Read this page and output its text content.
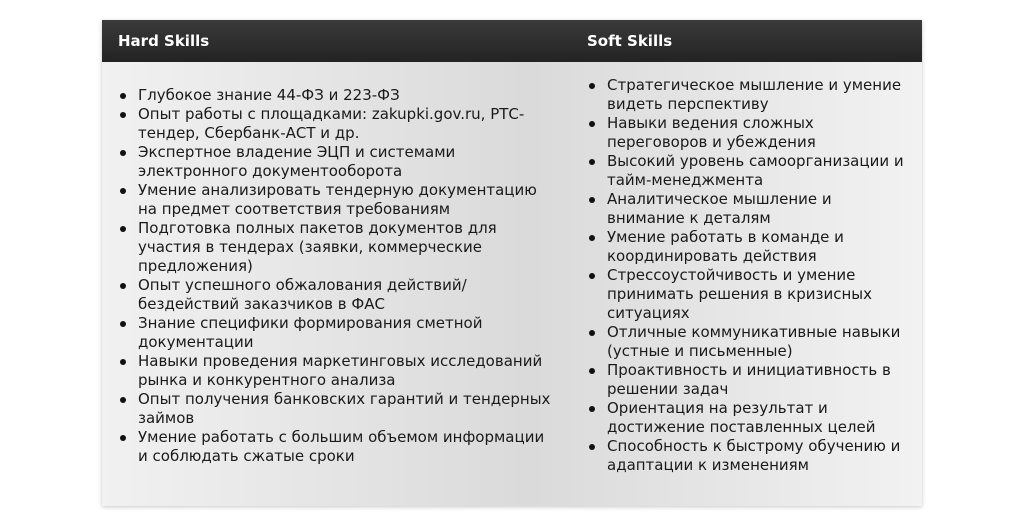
Hard Skills	Soft Skills
Глубокое знание 44-ФЗ и 223-ФЗ
Опыт работы с площадками: zakupki.gov.ru, РТС-тендер, Сбербанк-АСТ и др.
Экспертное владение ЭЦП и системами электронного документооборота
Умение анализировать тендерную документацию на предмет соответствия требованиям
Подготовка полных пакетов документов для участия в тендерах (заявки, коммерческие предложения)
Опыт успешного обжалования действий/бездействий заказчиков в ФАС
Знание специфики формирования сметной документации
Навыки проведения маркетинговых исследований рынка и конкурентного анализа
Опыт получения банковских гарантий и тендерных займов
Умение работать с большим объемом информации и соблюдать сжатые сроки
Стратегическое мышление и умение видеть перспективу
Навыки ведения сложных переговоров и убеждения
Высокий уровень самоорганизации и тайм-менеджмента
Аналитическое мышление и внимание к деталям
Умение работать в команде и координировать действия
Стрессоустойчивость и умение принимать решения в кризисных ситуациях
Отличные коммуникативные навыки (устные и письменные)
Проактивность и инициативность в решении задач
Ориентация на результат и достижение поставленных целей
Способность к быстрому обучению и адаптации к изменениям
